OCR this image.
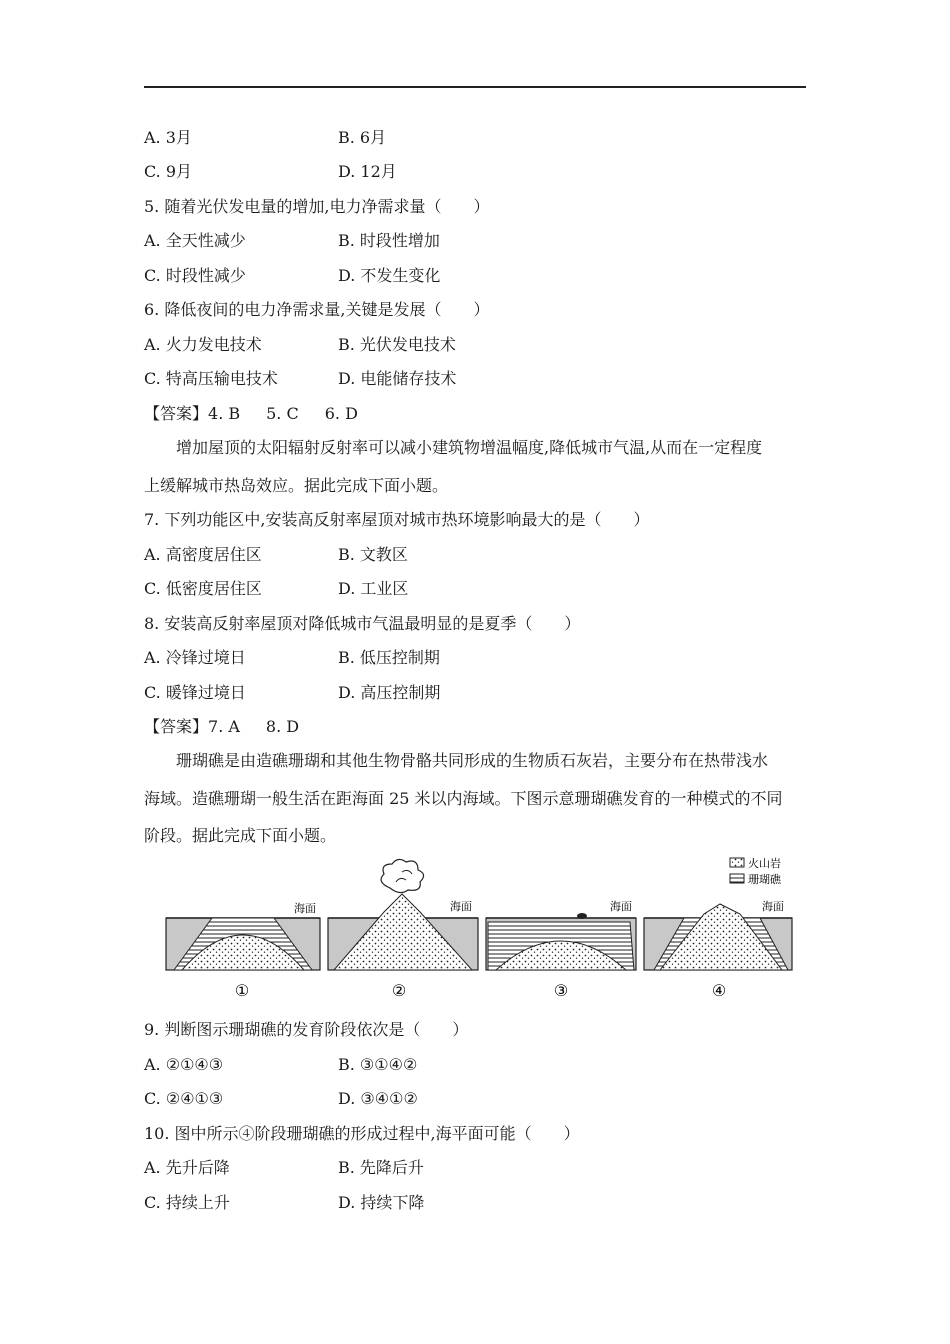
A. 3月	B. 6月
C. 9月	D. 12月
5. 随着光伏发电量的增加,电力净需求量（　　）
A. 全天性减少	B. 时段性增加
C. 时段性减少	D. 不发生变化
6. 降低夜间的电力净需求量,关键是发展（　　）
A. 火力发电技术	B. 光伏发电技术
C. 特高压输电技术	D. 电能储存技术
【答案】4. B 5. C 6. D
增加屋顶的太阳辐射反射率可以减小建筑物增温幅度,降低城市气温,从而在一定程度
上缓解城市热岛效应。据此完成下面小题。
7. 下列功能区中,安装高反射率屋顶对城市热环境影响最大的是（　　）
A. 高密度居住区	B. 文教区
C. 低密度居住区	D. 工业区
8. 安装高反射率屋顶对降低城市气温最明显的是夏季（　　）
A. 冷锋过境日	B. 低压控制期
C. 暖锋过境日	D. 高压控制期
【答案】7. A 8. D
珊瑚礁是由造礁珊瑚和其他生物骨骼共同形成的生物质石灰岩，主要分布在热带浅水
海域。造礁珊瑚一般生活在距海面 25 米以内海域。下图示意珊瑚礁发育的一种模式的不同
阶段。据此完成下面小题。
火山岩
珊瑚礁
海面
①
海面
②
海面
③
海面
④
9. 判断图示珊瑚礁的发育阶段依次是（　　）
A. ②①④③	B. ③①④②
C. ②④①③	D. ③④①②
10. 图中所示④阶段珊瑚礁的形成过程中,海平面可能（　　）
A. 先升后降	B. 先降后升
C. 持续上升	D. 持续下降
